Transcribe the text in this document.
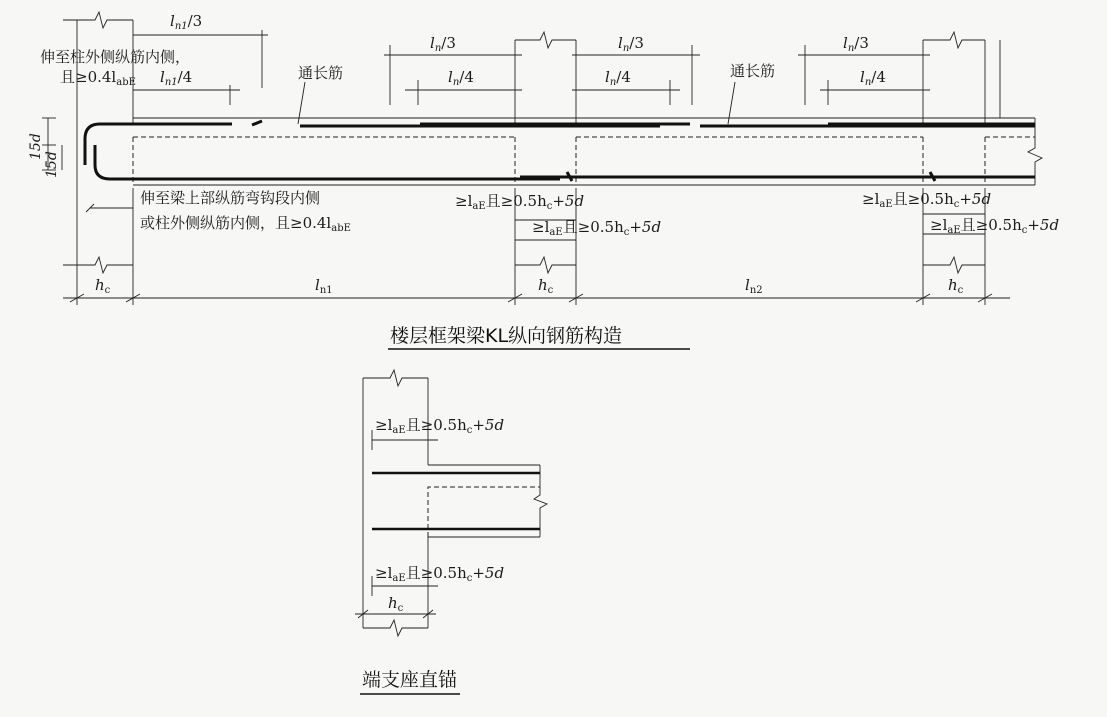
15d
15d
伸至柱外侧纵筋内侧，
且$\ge 0.4l_{abE}$
$l_{n1}/3$
$l_{n1}/4$
$l_n/3$
$l_n/4$
$l_n/3$
$l_n/4$
$l_n/3$
$l_n/4$
通长筋	通长筋
伸至梁上部纵筋弯钩段内侧
或柱外侧纵筋内侧，且$\ge 0.4l_{abE}$
$\ge l_{aE}$且$\ge 0.5h_c+5d$
$\ge l_{aE}$且$\ge 0.5h_c+5d$
$\ge l_{aE}$且$\ge 0.5h_c+5d$
$\ge l_{aE}$且$\ge 0.5h_c+5d$
$h_c$	$l_{n1}$	$h_c$	$l_{n2}$	$h_c$
楼层框架梁KL纵向钢筋构造
$\ge l_{aE}$且$\ge 0.5h_c+5d$
$\ge l_{aE}$且$\ge 0.5h_c+5d$
$h_c$
端支座直锚
